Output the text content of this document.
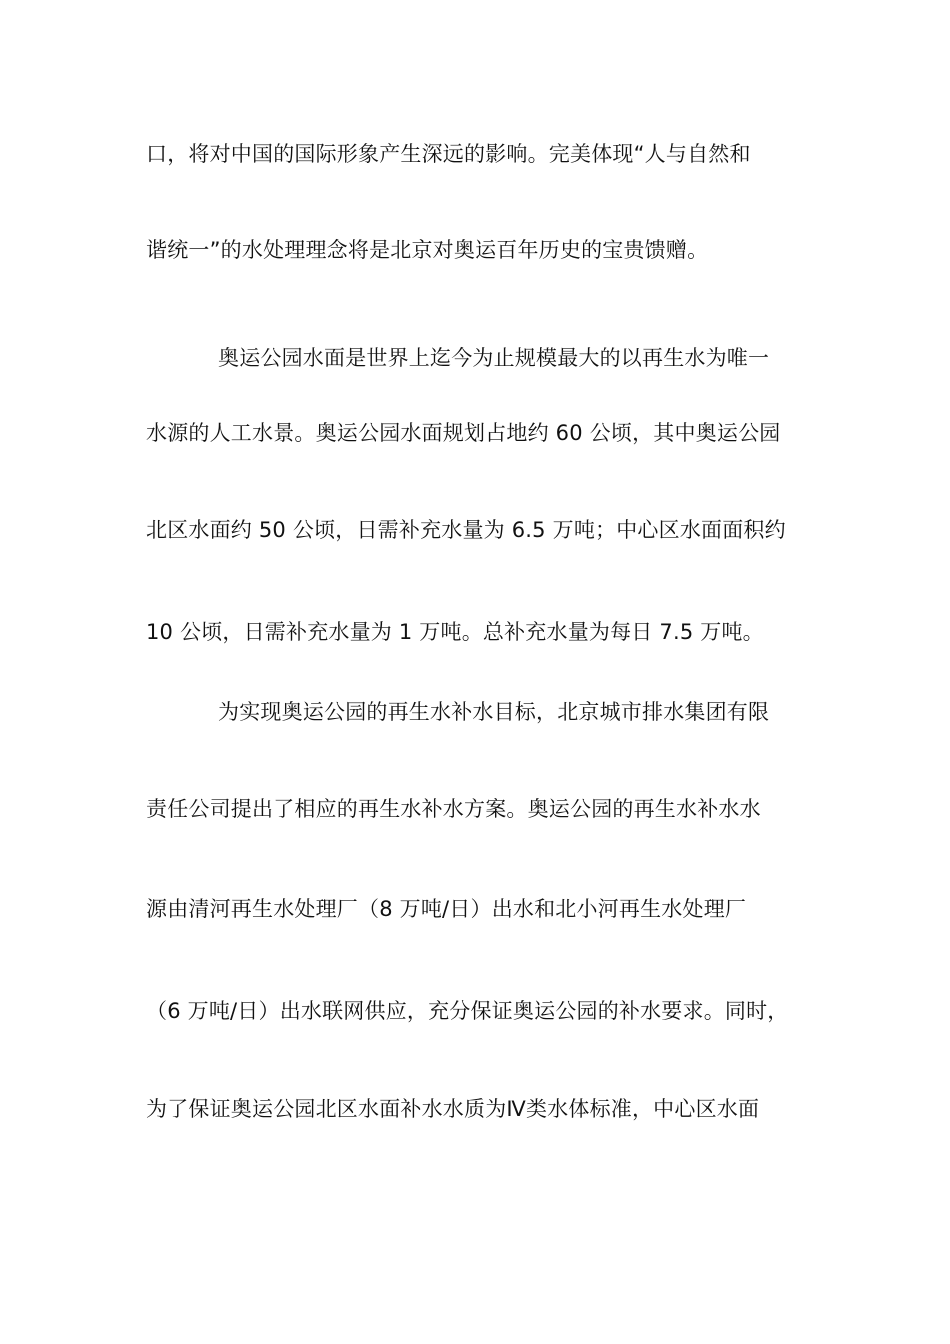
口，将对中国的国际形象产生深远的影响。完美体现“人与自然和
谐统一”的水处理理念将是北京对奥运百年历史的宝贵馈赠。
奥运公园水面是世界上迄今为止规模最大的以再生水为唯一
水源的人工水景。奥运公园水面规划占地约 60 公顷，其中奥运公园
北区水面约 50 公顷，日需补充水量为 6.5 万吨；中心区水面面积约
10 公顷，日需补充水量为 1 万吨。总补充水量为每日 7.5 万吨。
为实现奥运公园的再生水补水目标，北京城市排水集团有限
责任公司提出了相应的再生水补水方案。奥运公园的再生水补水水
源由清河再生水处理厂（8 万吨/日）出水和北小河再生水处理厂
（6 万吨/日）出水联网供应，充分保证奥运公园的补水要求。同时，
为了保证奥运公园北区水面补水水质为Ⅳ类水体标准，中心区水面
